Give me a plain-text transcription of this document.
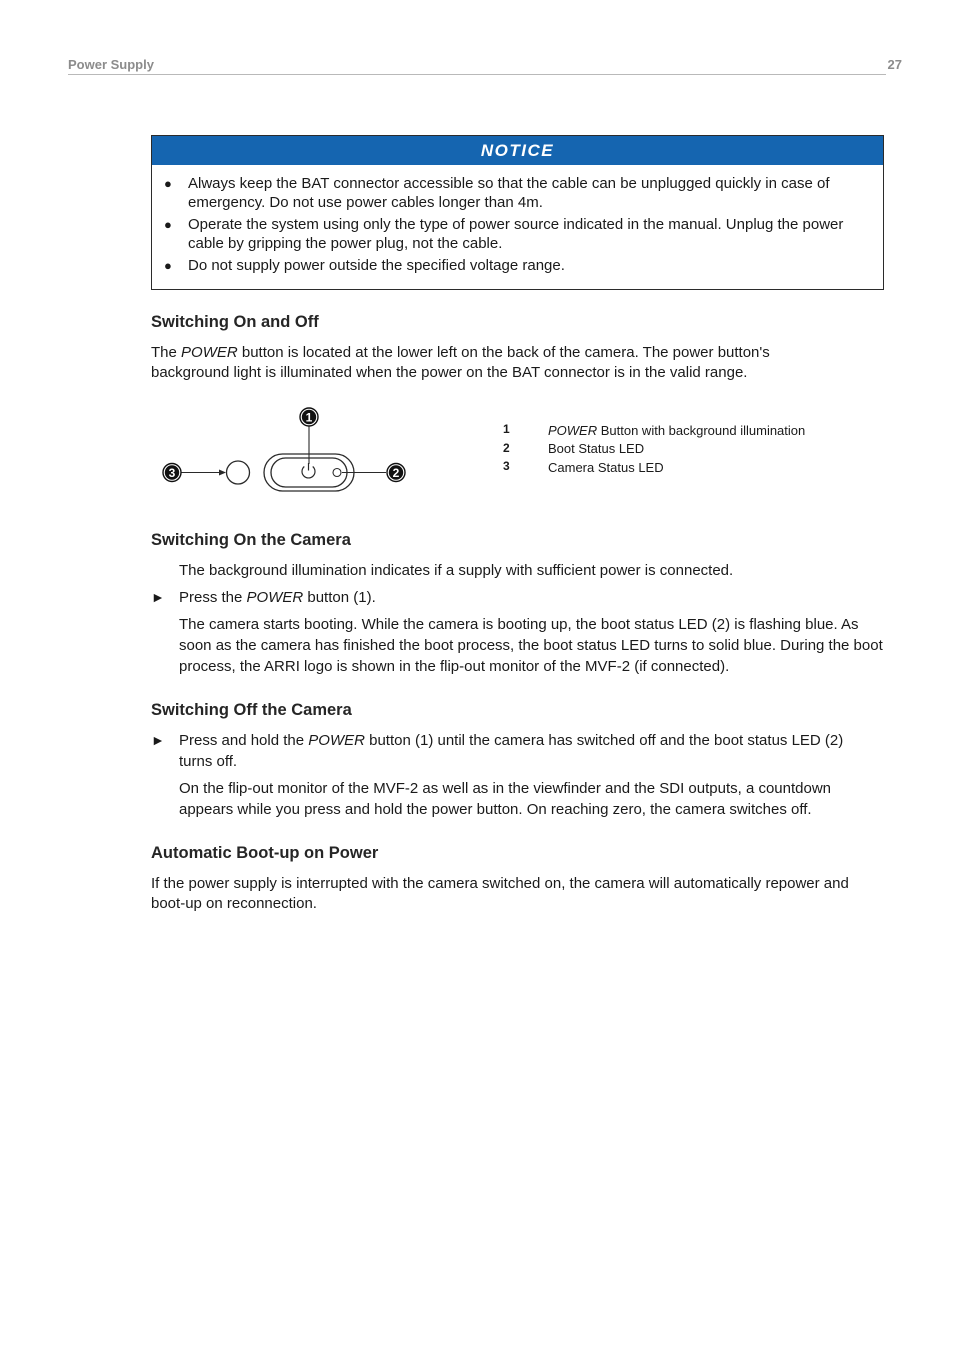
Power Supply	27
NOTICE
● Always keep the BAT connector accessible so that the cable can be unplugged quickly in case of emergency. Do not use power cables longer than 4m.
● Operate the system using only the type of power source indicated in the manual. Unplug the power cable by gripping the power plug, not the cable.
● Do not supply power outside the specified voltage range.
Switching On and Off

The POWER button is located at the lower left on the back of the camera. The power button's background light is illuminated when the power on the BAT connector is in the valid range.

1
2
3
1	POWER Button with background illumination
2	Boot Status LED
3	Camera Status LED
Switching On the Camera

The background illumination indicates if a supply with sufficient power is connected.

► Press the POWER button (1).

The camera starts booting. While the camera is booting up, the boot status LED (2) is flashing blue. As soon as the camera has finished the boot process, the boot status LED turns to solid blue. During the boot process, the ARRI logo is shown in the flip-out monitor of the MVF-2 (if connected).

Switching Off the Camera
► Press and hold the POWER button (1) until the camera has switched off and the boot status LED (2) turns off.

On the flip-out monitor of the MVF-2 as well as in the viewfinder and the SDI outputs, a countdown appears while you press and hold the power button. On reaching zero, the camera switches off.

Automatic Boot-up on Power

If the power supply is interrupted with the camera switched on, the camera will automatically repower and boot-up on reconnection.
